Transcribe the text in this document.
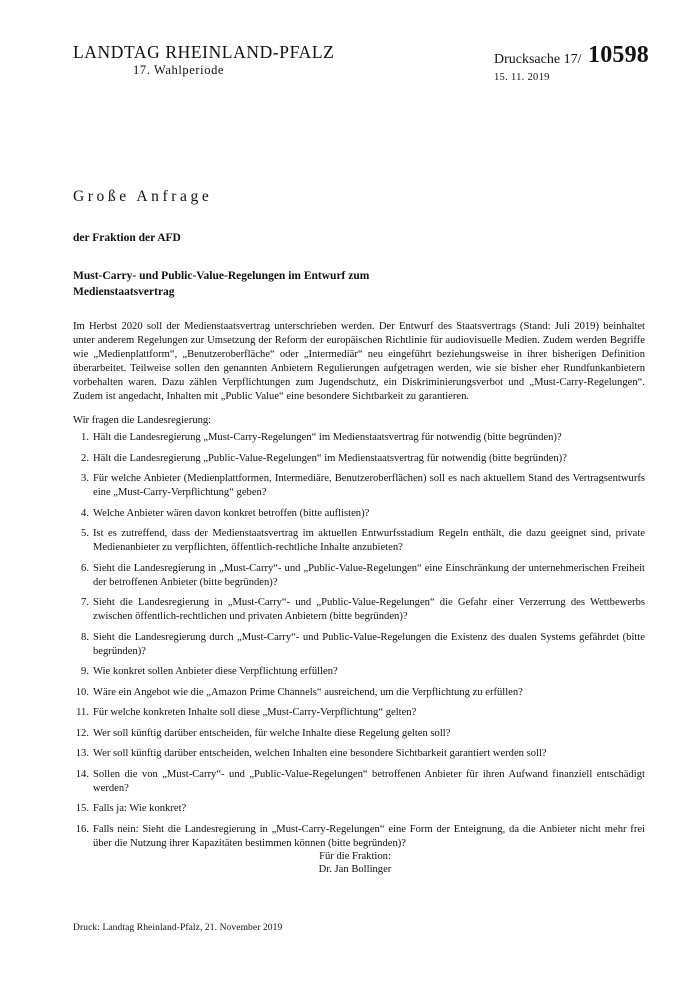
LANDTAG RHEINLAND-PFALZ
17. Wahlperiode
Drucksache 17/ 10598
15. 11. 2019
Große Anfrage
der Fraktion der AFD
Must-Carry- und Public-Value-Regelungen im Entwurf zum Medienstaatsvertrag
Im Herbst 2020 soll der Medienstaatsvertrag unterschrieben werden. Der Entwurf des Staatsvertrags (Stand: Juli 2019) beinhaltet unter anderem Regelungen zur Umsetzung der Reform der europäischen Richtlinie für audiovisuelle Medien. Zudem werden Begriffe wie „Medienplattform“, „Benutzeroberfläche“ oder „Intermediär“ neu eingeführt beziehungsweise in ihrer bisherigen Definition überarbeitet. Teilweise sollen den genannten Anbietern Regulierungen aufgetragen werden, wie sie bisher eher Rundfunkanbietern vorbehalten waren. Dazu zählen Verpflichtungen zum Jugendschutz, ein Diskriminierungsverbot und „Must-Carry-Regelungen“. Zudem ist angedacht, Inhalten mit „Public Value“ eine besondere Sichtbarkeit zu garantieren.
Wir fragen die Landesregierung:
1. Hält die Landesregierung „Must-Carry-Regelungen“ im Medienstaatsvertrag für notwendig (bitte begründen)?
2. Hält die Landesregierung „Public-Value-Regelungen“ im Medienstaatsvertrag für notwendig (bitte begründen)?
3. Für welche Anbieter (Medienplattformen, Intermediäre, Benutzeroberflächen) soll es nach aktuellem Stand des Vertragsentwurfs eine „Must-Carry-Verpflichtung“ geben?
4. Welche Anbieter wären davon konkret betroffen (bitte auflisten)?
5. Ist es zutreffend, dass der Medienstaatsvertrag im aktuellen Entwurfsstadium Regeln enthält, die dazu geeignet sind, private Medienanbieter zu verpflichten, öffentlich-rechtliche Inhalte anzubieten?
6. Sieht die Landesregierung in „Must-Carry“- und „Public-Value-Regelungen“ eine Einschränkung der unternehmerischen Freiheit der betroffenen Anbieter (bitte begründen)?
7. Sieht die Landesregierung in „Must-Carry“- und „Public-Value-Regelungen“ die Gefahr einer Verzerrung des Wettbewerbs zwischen öffentlich-rechtlichen und privaten Anbietern (bitte begründen)?
8. Sieht die Landesregierung durch „Must-Carry“- und Public-Value-Regelungen die Existenz des dualen Systems gefährdet (bitte begründen)?
9. Wie konkret sollen Anbieter diese Verpflichtung erfüllen?
10. Wäre ein Angebot wie die „Amazon Prime Channels“ ausreichend, um die Verpflichtung zu erfüllen?
11. Für welche konkreten Inhalte soll diese „Must-Carry-Verpflichtung“ gelten?
12. Wer soll künftig darüber entscheiden, für welche Inhalte diese Regelung gelten soll?
13. Wer soll künftig darüber entscheiden, welchen Inhalten eine besondere Sichtbarkeit garantiert werden soll?
14. Sollen die von „Must-Carry“- und „Public-Value-Regelungen“ betroffenen Anbieter für ihren Aufwand finanziell entschädigt werden?
15. Falls ja: Wie konkret?
16. Falls nein: Sieht die Landesregierung in „Must-Carry-Regelungen“ eine Form der Enteignung, da die Anbieter nicht mehr frei über die Nutzung ihrer Kapazitäten bestimmen können (bitte begründen)?
Für die Fraktion:
Dr. Jan Bollinger
Druck: Landtag Rheinland-Pfalz, 21. November 2019
